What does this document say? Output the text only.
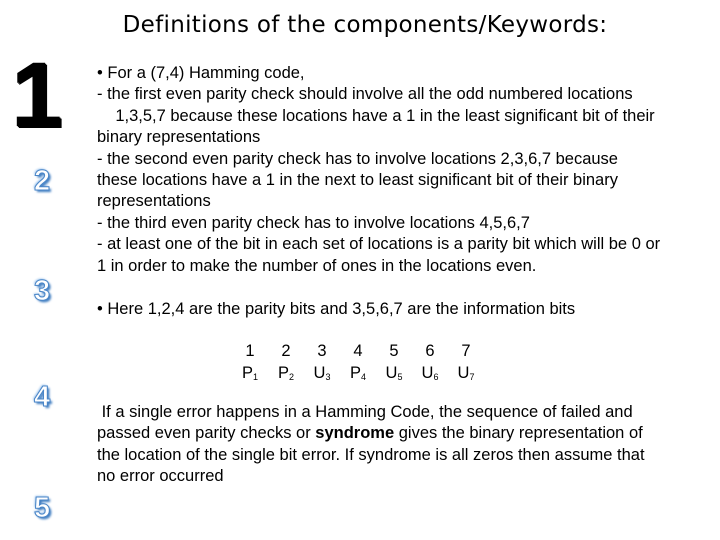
Definitions of the components/Keywords:
1
2
3
4
5

• For a (7,4) Hamming code,

- the first even parity check should involve all the odd numbered locations

1,3,5,7 because these locations have a 1 in the least significant bit of their

binary representations

- the second even parity check has to involve locations 2,3,6,7 because

these locations have a 1 in the next to least significant bit of their binary

representations

- the third even parity check has to involve locations 4,5,6,7

- at least one of the bit in each set of locations is a parity bit which will be 0 or

1 in order to make the number of ones in the locations even.

• Here 1,2,4 are the parity bits and 3,5,6,7 are the information bits

1	2	3	4	5	6	7
$P_1$	$P_2$	$U_3$	$P_4$	$U_5$	$U_6$	$U_7$

If a single error happens in a Hamming Code, the sequence of failed and

passed even parity checks or syndrome gives the binary representation of

the location of the single bit error. If syndrome is all zeros then assume that

no error occurred
